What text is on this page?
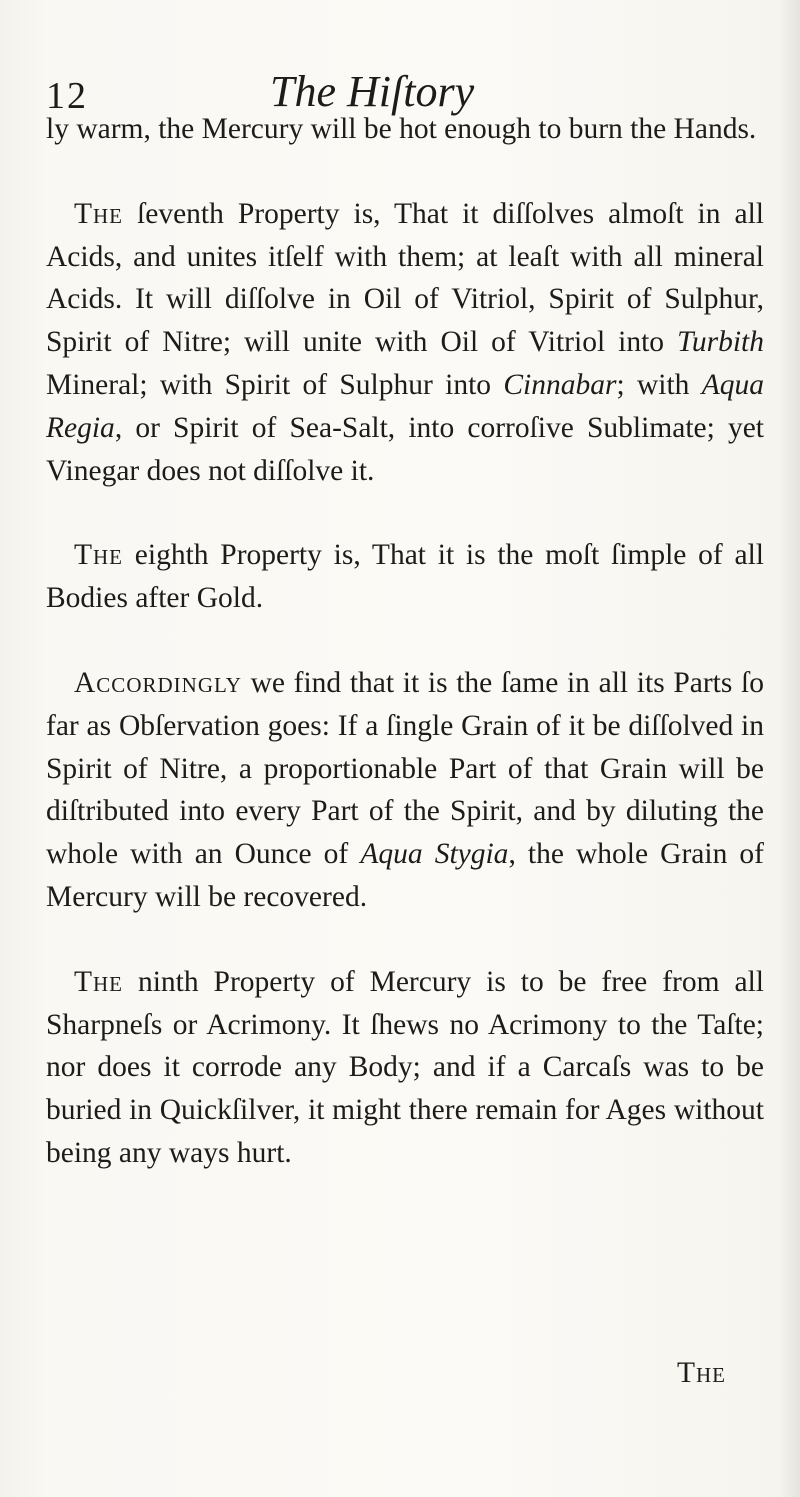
12	The Hiſtory

ly warm, the Mercury will be hot enough to burn the Hands.

The ſeventh Property is, That it diſſolves almoſt in all Acids, and unites itſelf with them; at leaſt with all mineral Acids. It will diſſolve in Oil of Vitriol, Spirit of Sulphur, Spirit of Nitre; will unite with Oil of Vitriol into Turbith Mineral; with Spirit of Sulphur into Cinnabar; with Aqua Regia, or Spirit of Sea-Salt, into corroſive Sublimate; yet Vinegar does not diſſolve it.

The eighth Property is, That it is the moſt ſimple of all Bodies after Gold.

Accordingly we find that it is the ſame in all its Parts ſo far as Obſervation goes: If a ſingle Grain of it be diſſolved in Spirit of Nitre, a proportionable Part of that Grain will be diſtributed into every Part of the Spirit, and by diluting the whole with an Ounce of Aqua Stygia, the whole Grain of Mercury will be recovered.

The ninth Property of Mercury is to be free from all Sharpneſs or Acrimony. It ſhews no Acrimony to the Taſte; nor does it corrode any Body; and if a Carcaſs was to be buried in Quickſilver, it might there remain for Ages without being any ways hurt.

The
